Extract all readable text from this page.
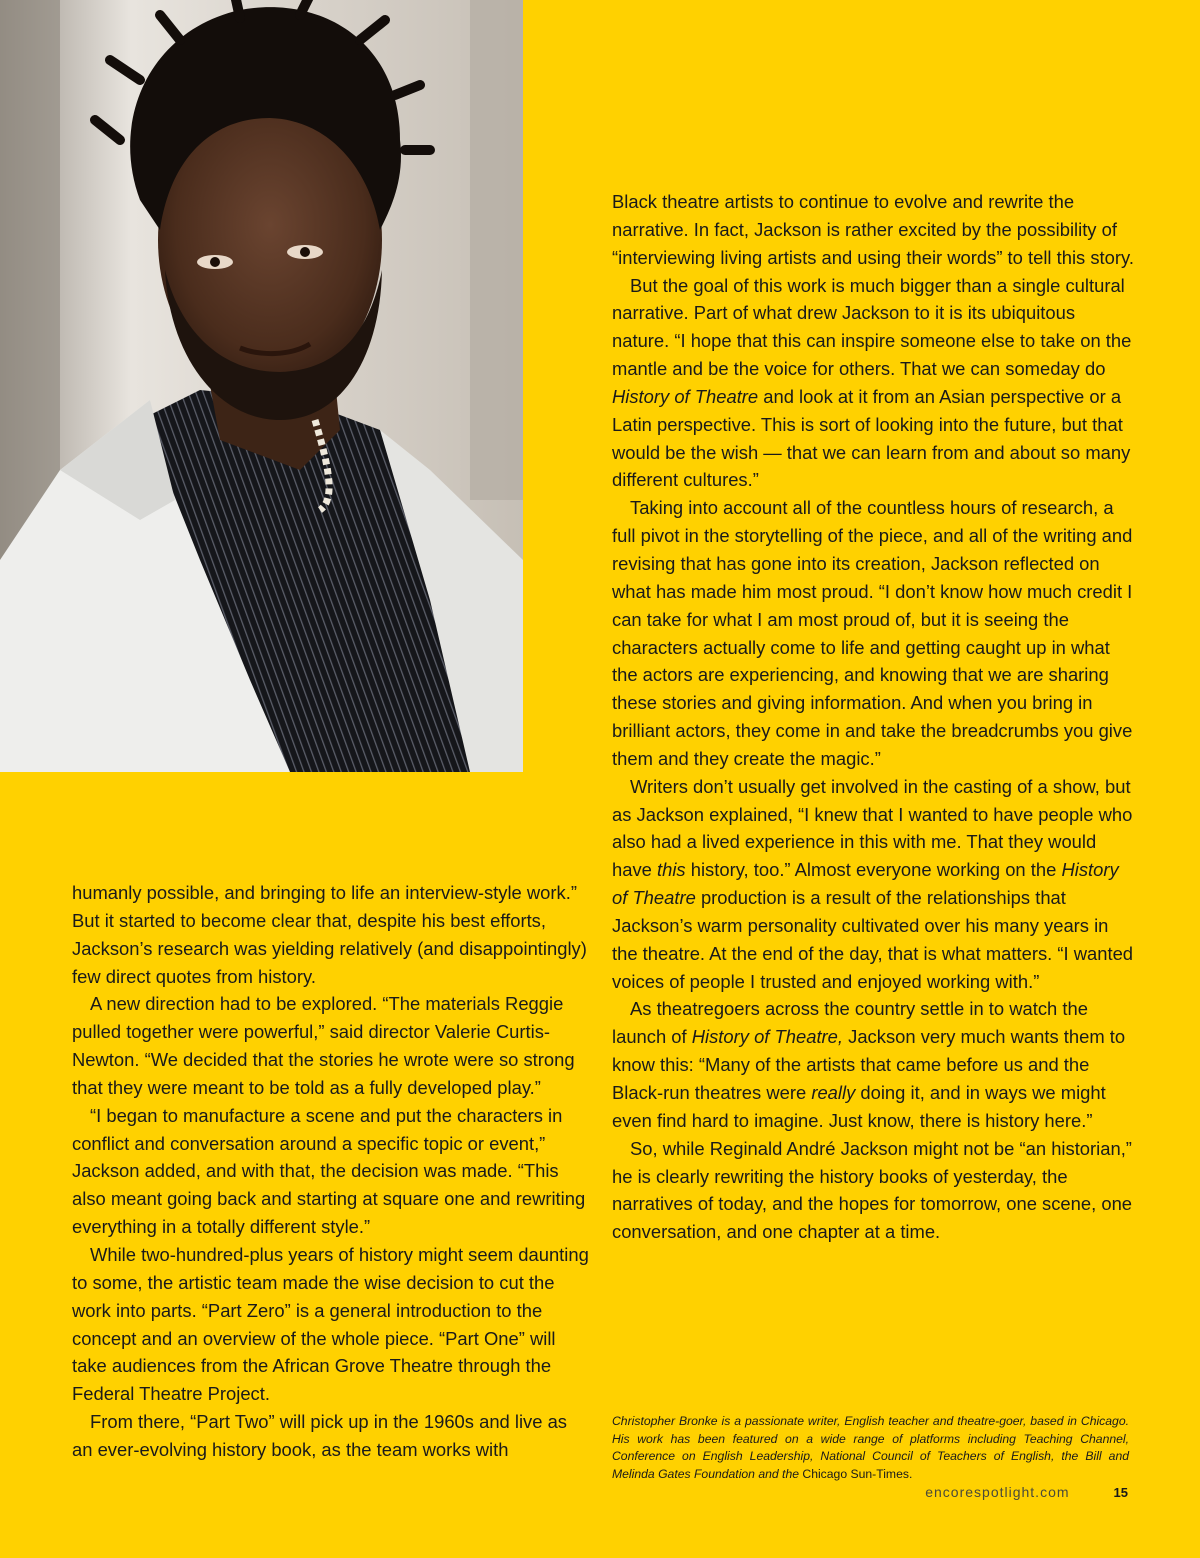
humanly possible, and bringing to life an interview-style work.” But it started to become clear that, despite his best efforts, Jackson’s research was yielding relatively (and disappointingly) few direct quotes from history.

A new direction had to be explored. “The materials Reggie pulled together were powerful,” said director Valerie Curtis-Newton. “We decided that the stories he wrote were so strong that they were meant to be told as a fully developed play.”

“I began to manufacture a scene and put the characters in conflict and conversation around a specific topic or event,” Jackson added, and with that, the decision was made. “This also meant going back and starting at square one and rewriting everything in a totally different style.”

While two-hundred-plus years of history might seem daunting to some, the artistic team made the wise decision to cut the work into parts. “Part Zero” is a general introduction to the concept and an overview of the whole piece. “Part One” will take audiences from the African Grove Theatre through the Federal Theatre Project.

From there, “Part Two” will pick up in the 1960s and live as an ever-evolving history book, as the team works with

Black theatre artists to continue to evolve and rewrite the narrative. In fact, Jackson is rather excited by the possibility of “interviewing living artists and using their words” to tell this story.

But the goal of this work is much bigger than a single cultural narrative. Part of what drew Jackson to it is its ubiquitous nature. “I hope that this can inspire someone else to take on the mantle and be the voice for others. That we can someday do History of Theatre and look at it from an Asian perspective or a Latin perspective. This is sort of looking into the future, but that would be the wish — that we can learn from and about so many different cultures.”

Taking into account all of the countless hours of research, a full pivot in the storytelling of the piece, and all of the writing and revising that has gone into its creation, Jackson reflected on what has made him most proud. “I don’t know how much credit I can take for what I am most proud of, but it is seeing the characters actually come to life and getting caught up in what the actors are experiencing, and knowing that we are sharing these stories and giving information. And when you bring in brilliant actors, they come in and take the breadcrumbs you give them and they create the magic.”

Writers don’t usually get involved in the casting of a show, but as Jackson explained, “I knew that I wanted to have people who also had a lived experience in this with me. That they would have this history, too.” Almost everyone working on the History of Theatre production is a result of the relationships that Jackson’s warm personality cultivated over his many years in the theatre. At the end of the day, that is what matters. “I wanted voices of people I trusted and enjoyed working with.”

As theatregoers across the country settle in to watch the launch of History of Theatre, Jackson very much wants them to know this: “Many of the artists that came before us and the Black-run theatres were really doing it, and in ways we might even find hard to imagine. Just know, there is history here.”

So, while Reginald André Jackson might not be “an historian,” he is clearly rewriting the history books of yesterday, the narratives of today, and the hopes for tomorrow, one scene, one conversation, and one chapter at a time.

Christopher Bronke is a passionate writer, English teacher and theatre-goer, based in Chicago. His work has been featured on a wide range of platforms including Teaching Channel, Conference on English Leadership, National Council of Teachers of English, the Bill and Melinda Gates Foundation and the Chicago Sun-Times.
encorespotlight.com	15
